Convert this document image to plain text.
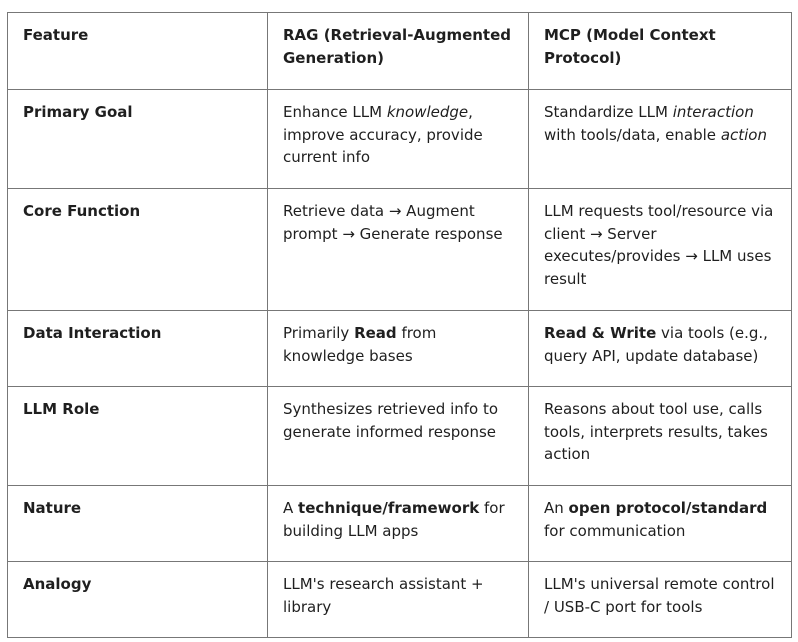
Feature	RAG (Retrieval-Augmented Generation)	MCP (Model Context Protocol)
Primary Goal	Enhance LLM knowledge, improve accuracy, provide current info	Standardize LLM interaction with tools/data, enable action
Core Function	Retrieve data → Augment prompt → Generate response	LLM requests tool/resource via client → Server executes/provides → LLM uses result
Data Interaction	Primarily Read from knowledge bases	Read & Write via tools (e.g., query API, update database)
LLM Role	Synthesizes retrieved info to generate informed response	Reasons about tool use, calls tools, interprets results, takes action
Nature	A technique/framework for building LLM apps	An open protocol/standard for communication
Analogy	LLM's research assistant + library	LLM's universal remote control / USB-C port for tools
